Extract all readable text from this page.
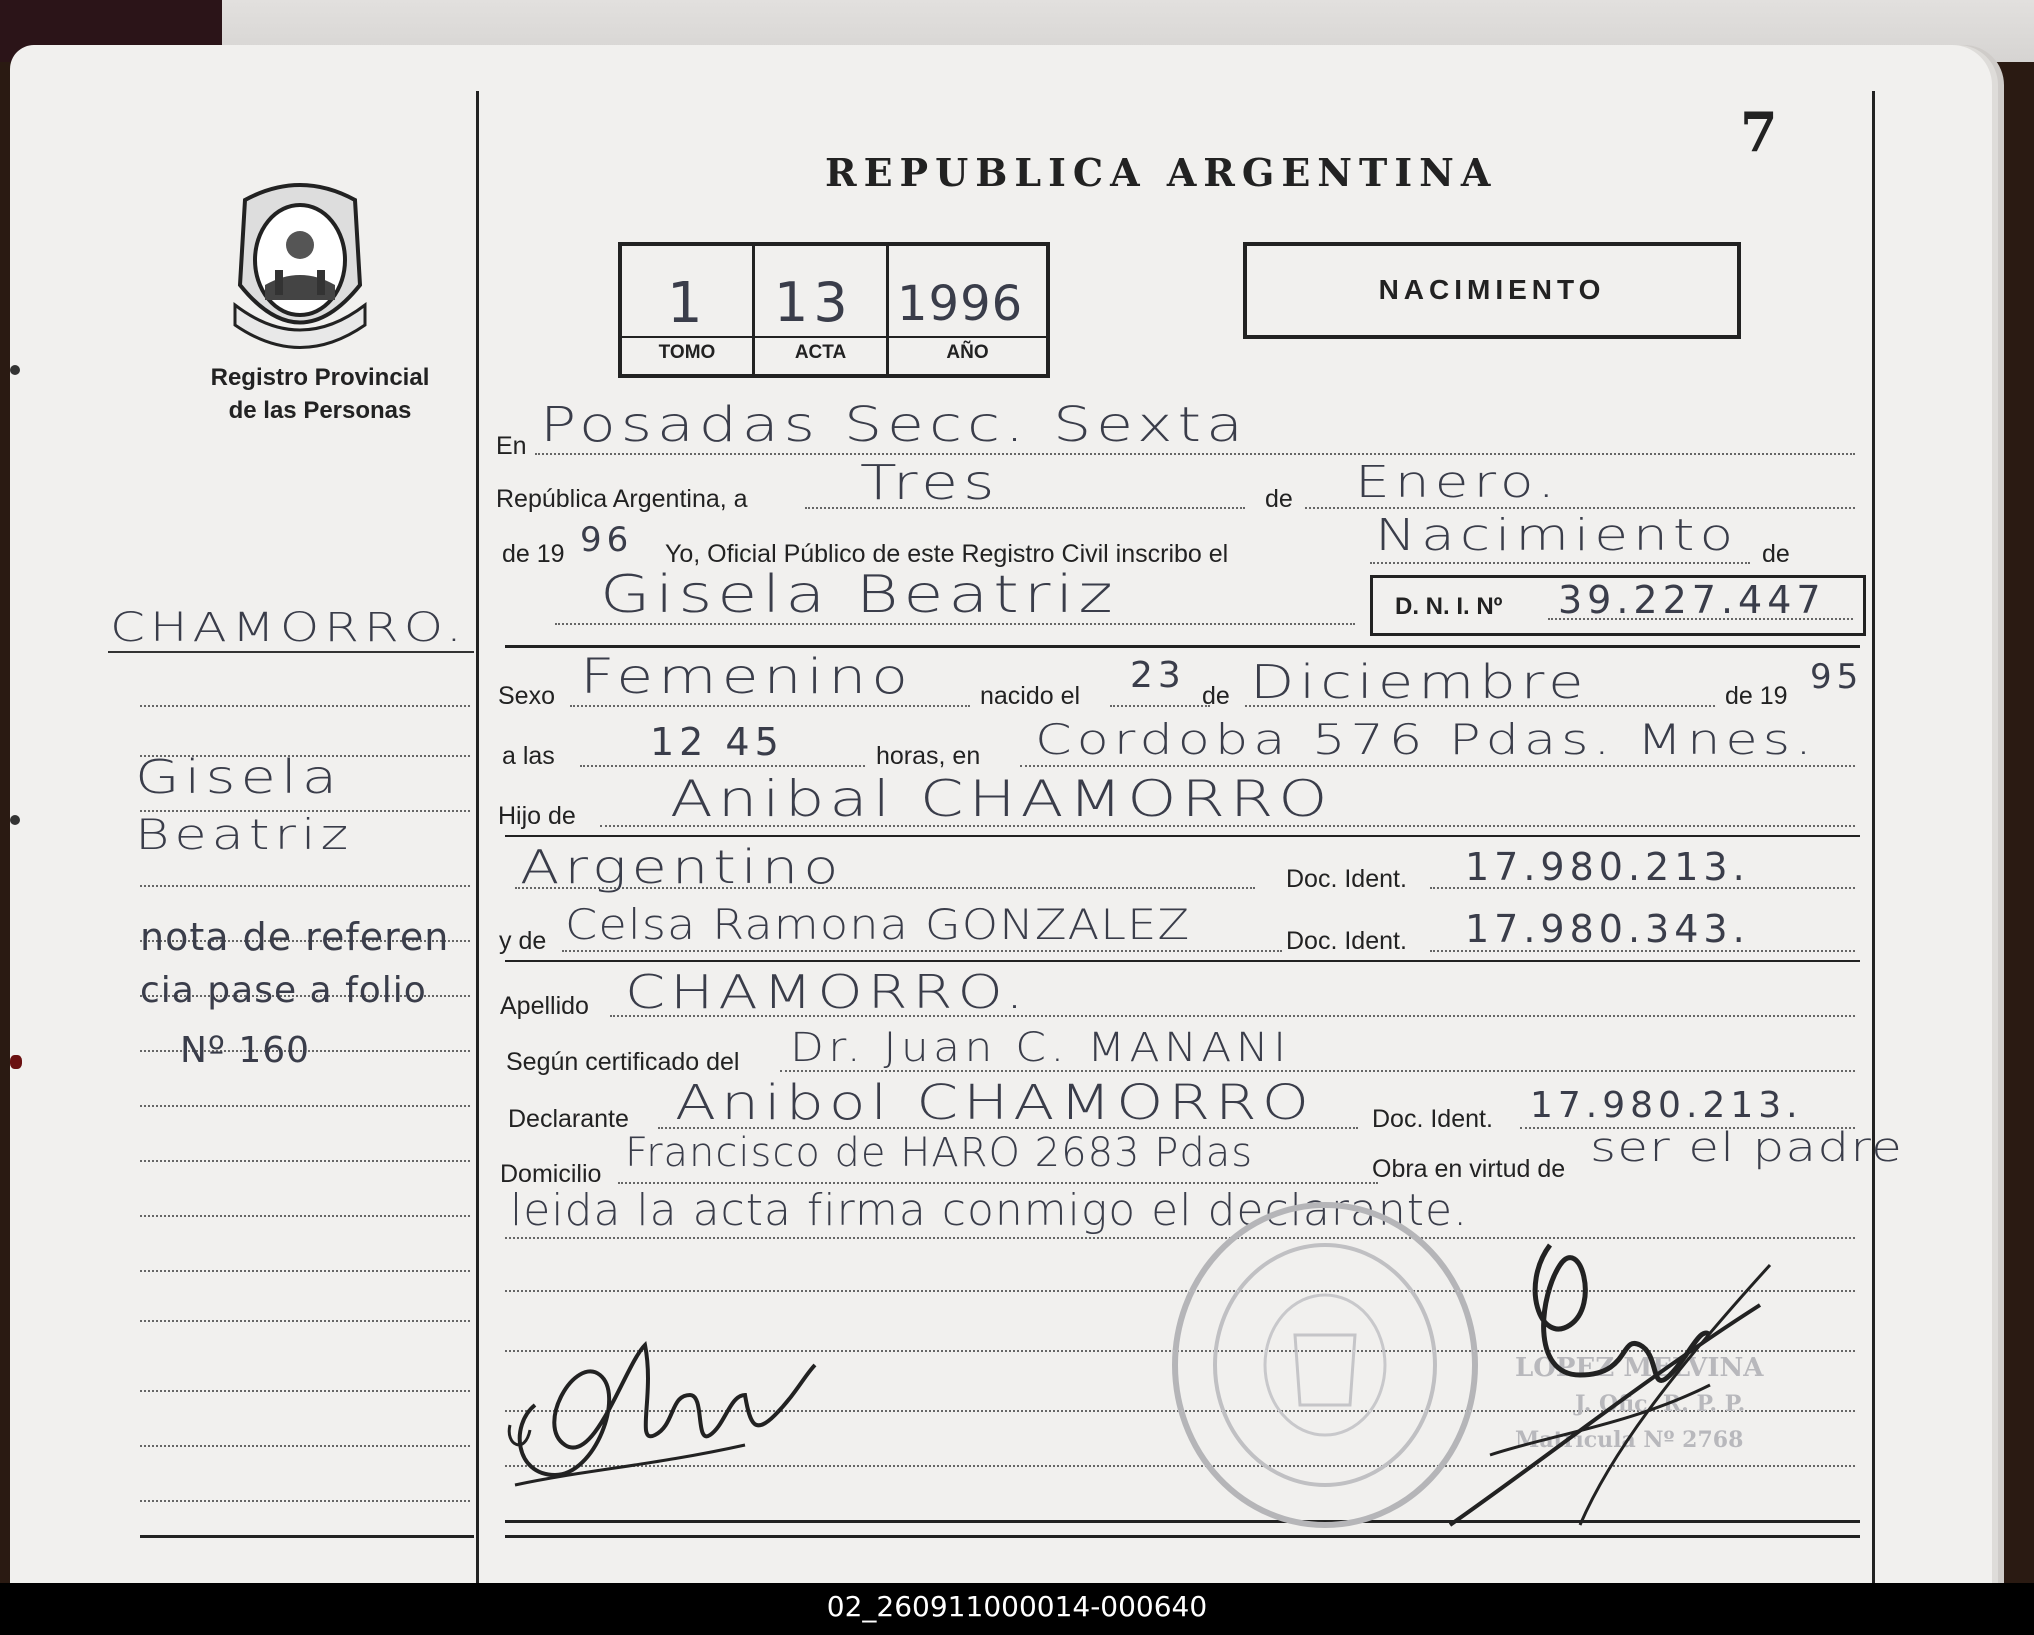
7
Registro Provincial
de las Personas
CHAMORRO.
Gisela
Beatriz
nota de referen
cia pase a folio
Nº 160
REPUBLICA ARGENTINA
1 13 1996
TOMO	ACTA	AÑO
NACIMIENTO
En Posadas Secc. Sexta
República Argentina, a Tres	de Enero.
de 19 96 Yo, Oficial Público de este Registro Civil inscribo el	Nacimiento de
Gisela Beatriz	D. N. I. Nº 39.227.447
Sexo Femenino	nacido el 23 de Diciembre	de 19 95
a las	12 45	horas, en Cordoba 576 Pdas. Mnes.
Hijo de Anibal CHAMORRO
Argentino	Doc. Ident. 17.980.213.
y de Celsa Ramona GONZALEZ	Doc. Ident. 17.980.343.
Apellido CHAMORRO.
Según certificado del Dr. Juan C. MANANI
Declarante Anibol CHAMORRO Doc. Ident. 17.980.213.
Domicilio Francisco de HARO 2683 Pdas	Obra en virtud de ser el padre
leida la acta firma conmigo el declarante.
LOPEZ MELVINA
J. Ofic. R. P. P.
Matrícula Nº 2768
02_260911000014-000640
